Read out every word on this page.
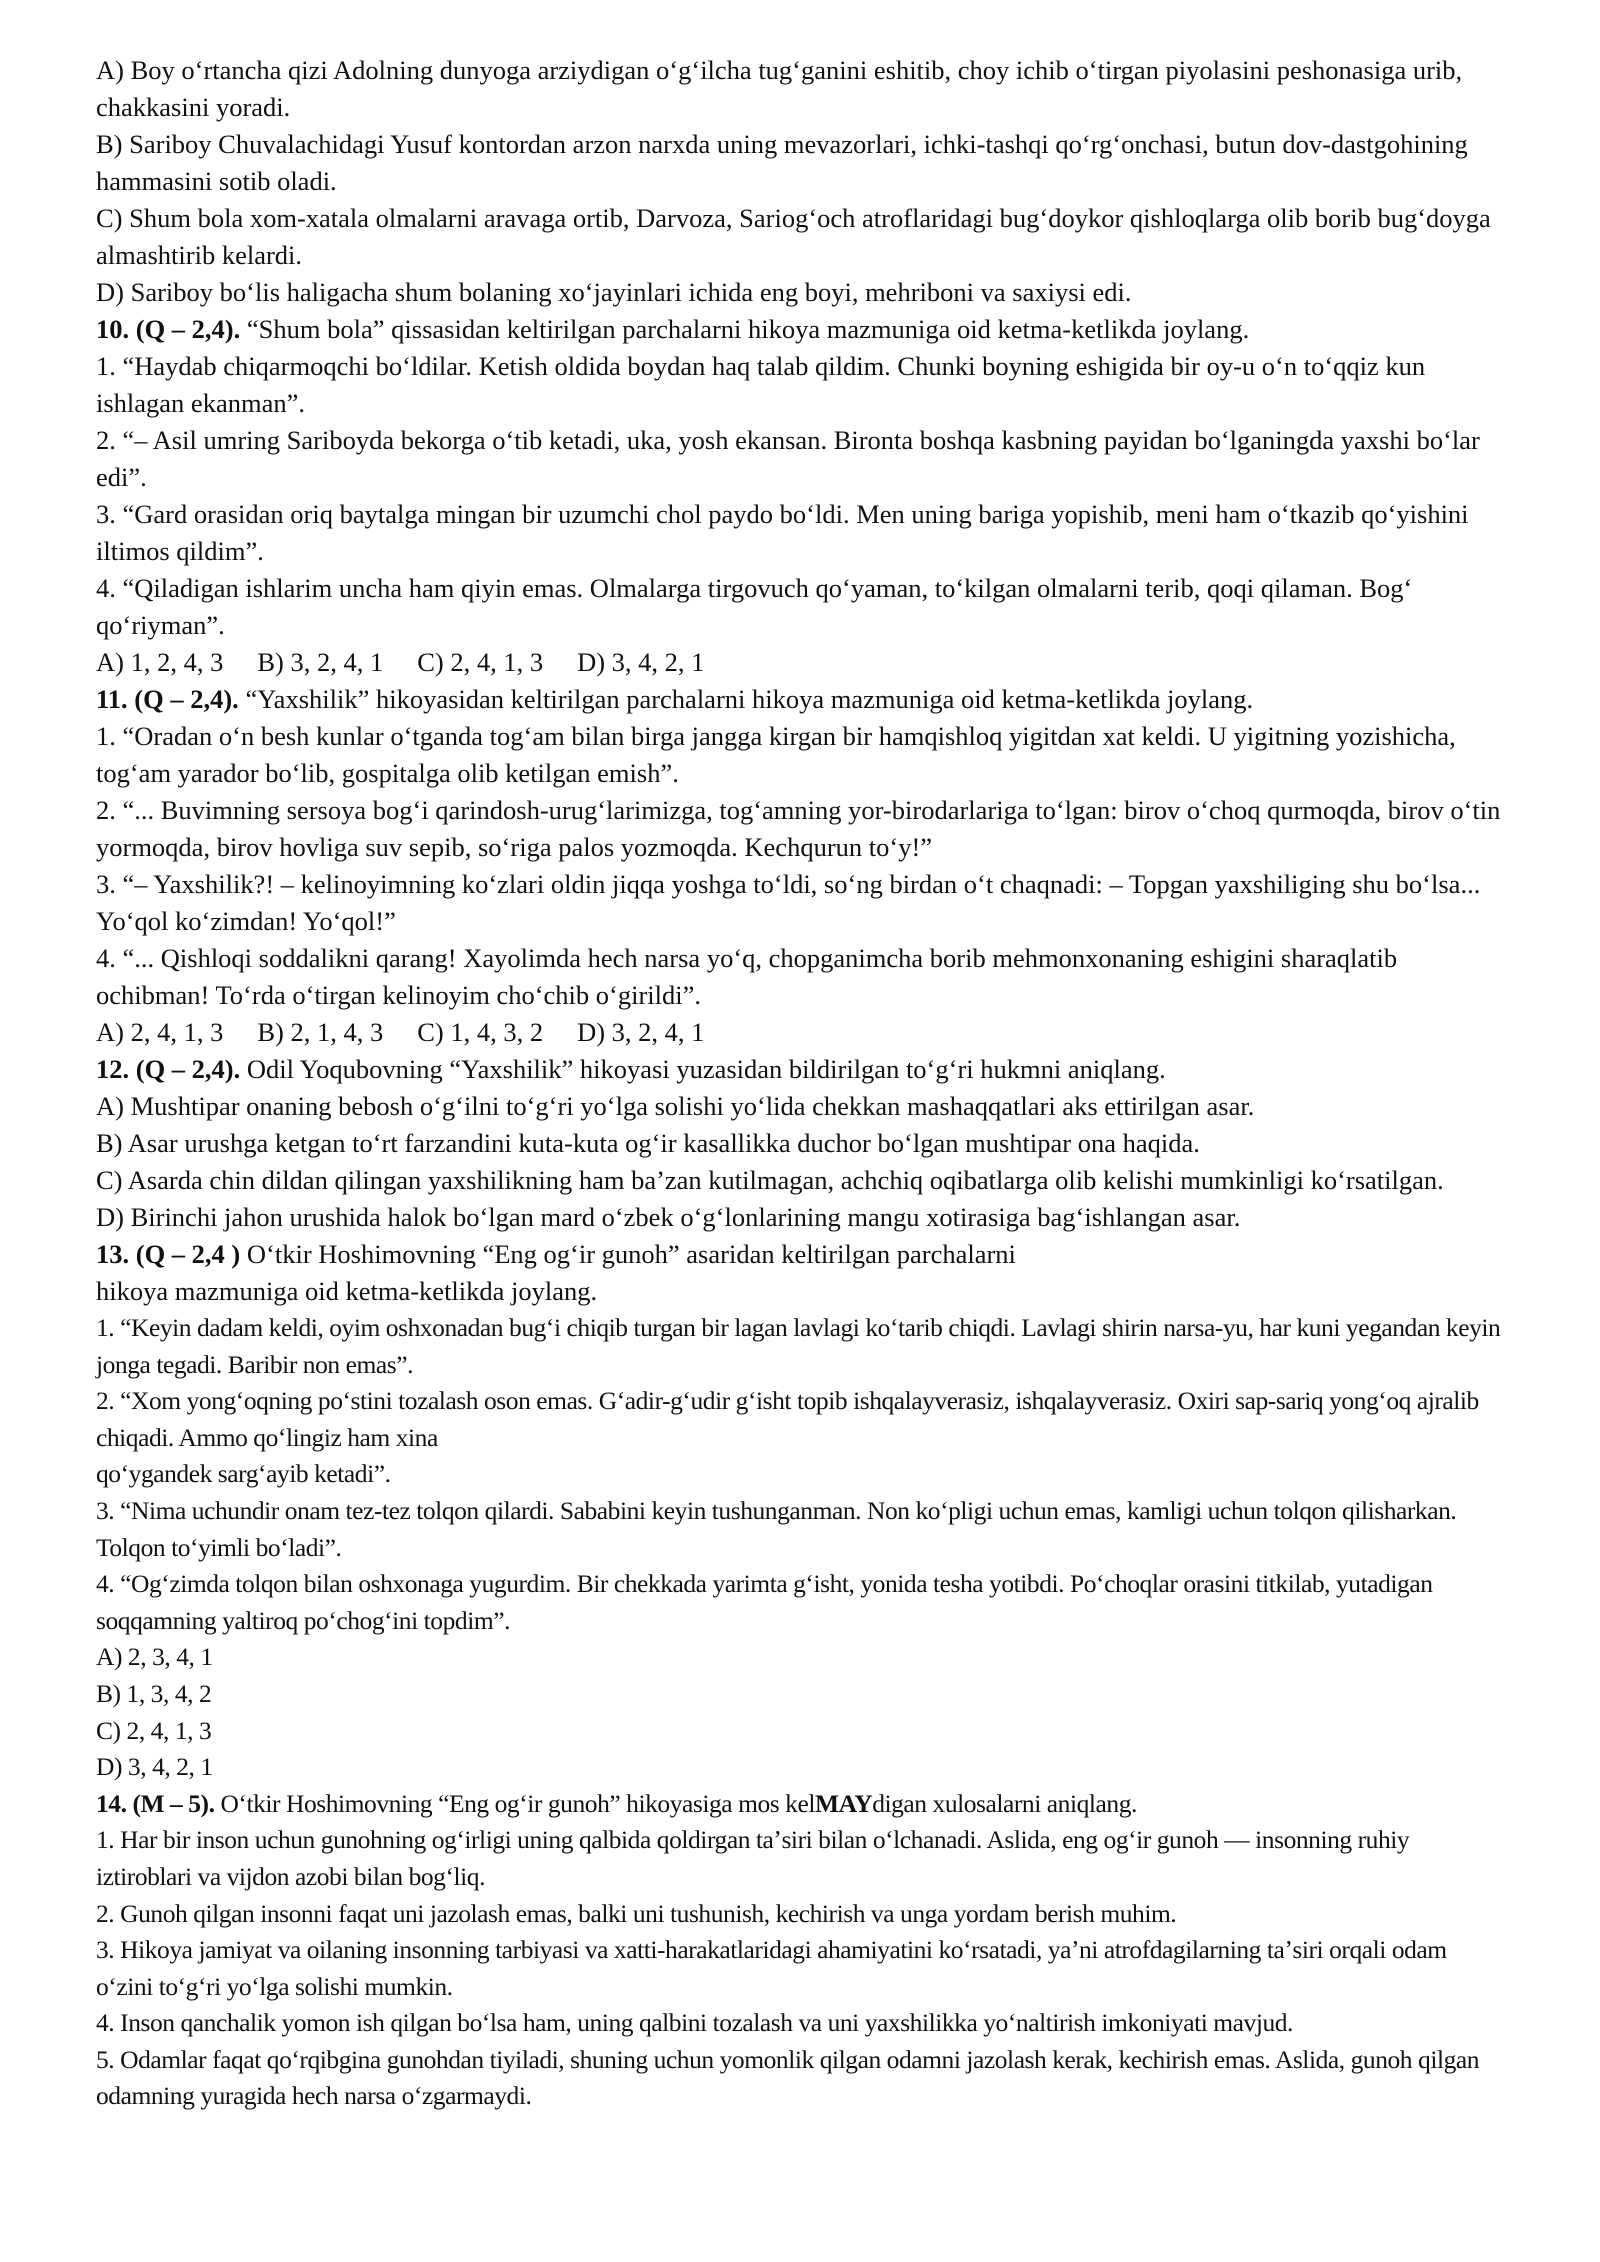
A) Boy oʻrtancha qizi Adolning dunyoga arziydigan oʻgʻilcha tugʻganini eshitib, choy ichib oʻtirgan piyolasini peshonasiga urib, chakkasini yoradi.

B) Sariboy Chuvalachidagi Yusuf kontordan arzon narxda uning mevazorlari, ichki-tashqi qoʻrgʻonchasi, butun dov-dastgohining hammasini sotib oladi.

C) Shum bola xom-xatala olmalarni aravaga ortib, Darvoza, Sariogʻoch atroflaridagi bugʻdoykor qishloqlarga olib borib bugʻdoyga almashtirib kelardi.

D) Sariboy boʻlis haligacha shum bolaning xoʻjayinlari ichida eng boyi, mehriboni va saxiysi edi.

10. (Q – 2,4). “Shum bola” qissasidan keltirilgan parchalarni hikoya mazmuniga oid ketma-ketlikda joylang.

1. “Haydab chiqarmoqchi boʻldilar. Ketish oldida boydan haq talab qildim. Chunki boyning eshigida bir oy-u oʻn toʻqqiz kun ishlagan ekanman”.

2. “– Asil umring Sariboyda bekorga oʻtib ketadi, uka, yosh ekansan. Bironta boshqa kasbning payidan boʻlganingda yaxshi boʻlar edi”.

3. “Gard orasidan oriq baytalga mingan bir uzumchi chol paydo boʻldi. Men uning bariga yopishib, meni ham oʻtkazib qoʻyishini iltimos qildim”.

4. “Qiladigan ishlarim uncha ham qiyin emas. Olmalarga tirgovuch qoʻyaman, toʻkilgan olmalarni terib, qoqi qilaman. Bogʻ qoʻriyman”.

A) 1, 2, 4, 3 B) 3, 2, 4, 1 C) 2, 4, 1, 3 D) 3, 4, 2, 1

11. (Q – 2,4). “Yaxshilik” hikoyasidan keltirilgan parchalarni hikoya mazmuniga oid ketma-ketlikda joylang.

1. “Oradan oʻn besh kunlar oʻtganda togʻam bilan birga jangga kirgan bir hamqishloq yigitdan xat keldi. U yigitning yozishicha, togʻam yarador boʻlib, gospitalga olib ketilgan emish”.

2. “... Buvimning sersoya bogʻi qarindosh-urugʻlarimizga, togʻamning yor-birodarlariga toʻlgan: birov oʻchoq qurmoqda, birov oʻtin yormoqda, birov hovliga suv sepib, soʻriga palos yozmoqda. Kechqurun toʻy!”

3. “– Yaxshilik?! – kelinoyimning koʻzlari oldin jiqqa yoshga toʻldi, soʻng birdan oʻt chaqnadi: – Topgan yaxshiliging shu boʻlsa... Yoʻqol koʻzimdan! Yoʻqol!”

4. “... Qishloqi soddalikni qarang! Xayolimda hech narsa yoʻq, chopganimcha borib mehmonxonaning eshigini sharaqlatib ochibman! Toʻrda oʻtirgan kelinoyim choʻchib oʻgirildi”.

A) 2, 4, 1, 3 B) 2, 1, 4, 3 C) 1, 4, 3, 2 D) 3, 2, 4, 1

12. (Q – 2,4). Odil Yoqubovning “Yaxshilik” hikoyasi yuzasidan bildirilgan toʻgʻri hukmni aniqlang.

A) Mushtipar onaning bebosh oʻgʻilni toʻgʻri yoʻlga solishi yoʻlida chekkan mashaqqatlari aks ettirilgan asar.

B) Asar urushga ketgan toʻrt farzandini kuta-kuta ogʻir kasallikka duchor boʻlgan mushtipar ona haqida.

C) Asarda chin dildan qilingan yaxshilikning ham baʼzan kutilmagan, achchiq oqibatlarga olib kelishi mumkinligi koʻrsatilgan.

D) Birinchi jahon urushida halok boʻlgan mard oʻzbek oʻgʻlonlarining mangu xotirasiga bagʻishlangan asar.

13. (Q – 2,4 ) Oʻtkir Hoshimovning “Eng ogʻir gunoh” asaridan keltirilgan parchalarni

hikoya mazmuniga oid ketma-ketlikda joylang.

1. “Keyin dadam keldi, oyim oshxonadan bugʻi chiqib turgan bir lagan lavlagi koʻtarib chiqdi. Lavlagi shirin narsa-yu, har kuni yegandan keyin jonga tegadi. Baribir non emas”.

2. “Xom yongʻoqning poʻstini tozalash oson emas. Gʻadir-gʻudir gʻisht topib ishqalayverasiz, ishqalayverasiz. Oxiri sap-sariq yongʻoq ajralib chiqadi. Ammo qoʻlingiz ham xina

qoʻygandek sargʻayib ketadi”.

3. “Nima uchundir onam tez-tez tolqon qilardi. Sababini keyin tushunganman. Non koʻpligi uchun emas, kamligi uchun tolqon qilisharkan. Tolqon toʻyimli boʻladi”.

4. “Ogʻzimda tolqon bilan oshxonaga yugurdim. Bir chekkada yarimta gʻisht, yonida tesha yotibdi. Poʻchoqlar orasini titkilab, yutadigan soqqamning yaltiroq poʻchogʻini topdim”.

A) 2, 3, 4, 1

B) 1, 3, 4, 2

C) 2, 4, 1, 3

D) 3, 4, 2, 1

14. (M – 5). Oʻtkir Hoshimovning “Eng ogʻir gunoh” hikoyasiga mos kelMAYdigan xulosalarni aniqlang.

1. Har bir inson uchun gunohning ogʻirligi uning qalbida qoldirgan taʼsiri bilan oʻlchanadi. Aslida, eng ogʻir gunoh — insonning ruhiy iztiroblari va vijdon azobi bilan bogʻliq.

2. Gunoh qilgan insonni faqat uni jazolash emas, balki uni tushunish, kechirish va unga yordam berish muhim.

3. Hikoya jamiyat va oilaning insonning tarbiyasi va xatti-harakatlaridagi ahamiyatini koʻrsatadi, yaʼni atrofdagilarning taʼsiri orqali odam oʻzini toʻgʻri yoʻlga solishi mumkin.

4. Inson qanchalik yomon ish qilgan boʻlsa ham, uning qalbini tozalash va uni yaxshilikka yoʻnaltirish imkoniyati mavjud.

5. Odamlar faqat qoʻrqibgina gunohdan tiyiladi, shuning uchun yomonlik qilgan odamni jazolash kerak, kechirish emas. Aslida, gunoh qilgan odamning yuragida hech narsa oʻzgarmaydi.
